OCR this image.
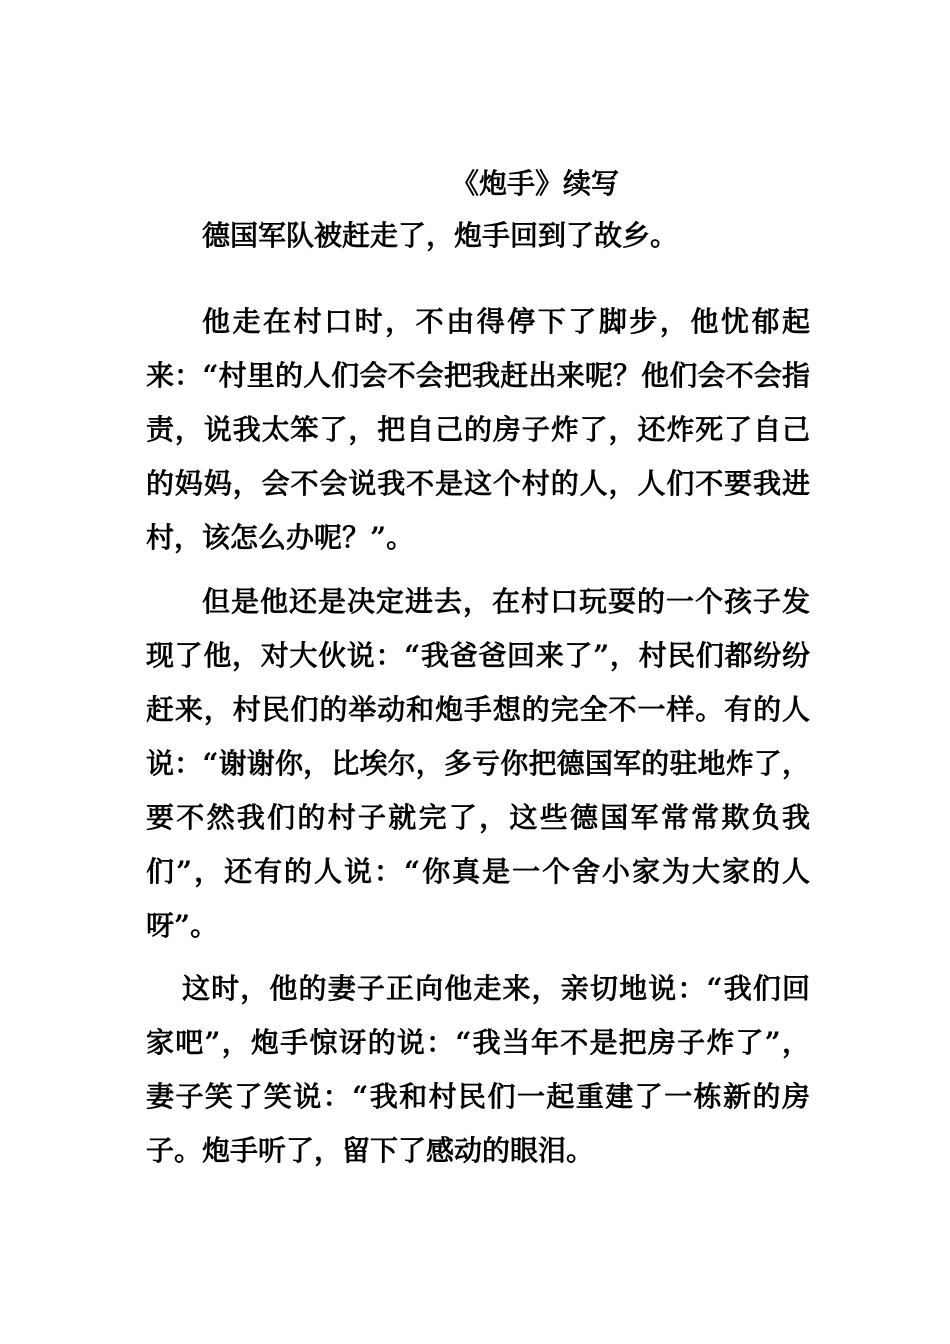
《炮手》续写

德国军队被赶走了，炮手回到了故乡。

他走在村口时，不由得停下了脚步，他忧郁起来：“村里的人们会不会把我赶出来呢？他们会不会指责，说我太笨了，把自己的房子炸了，还炸死了自己的妈妈，会不会说我不是这个村的人，人们不要我进村，该怎么办呢？”。

但是他还是决定进去，在村口玩耍的一个孩子发现了他，对大伙说：“我爸爸回来了”，村民们都纷纷赶来，村民们的举动和炮手想的完全不一样。有的人说：“谢谢你，比埃尔，多亏你把德国军的驻地炸了，要不然我们的村子就完了，这些德国军常常欺负我们”，还有的人说：“你真是一个舍小家为大家的人呀”。

这时，他的妻子正向他走来，亲切地说：“我们回家吧”，炮手惊讶的说：“我当年不是把房子炸了”，妻子笑了笑说：“我和村民们一起重建了一栋新的房子。炮手听了，留下了感动的眼泪。
